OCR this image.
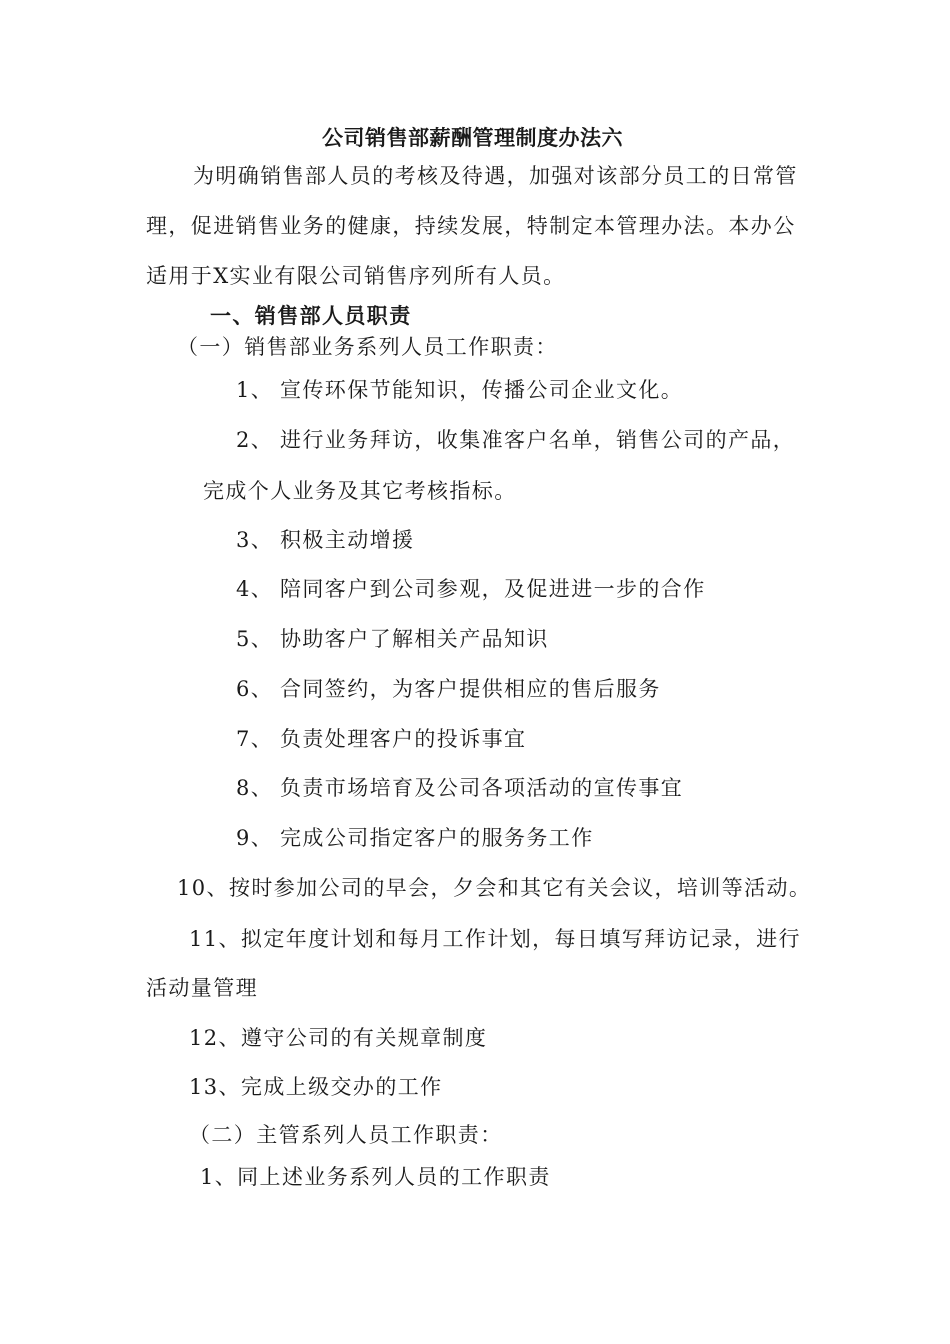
公司销售部薪酬管理制度办法六
为明确销售部人员的考核及待遇，加强对该部分员工的日常管
理，促进销售业务的健康，持续发展，特制定本管理办法。本办公
适用于X实业有限公司销售序列所有人员。
一、销售部人员职责
（一）销售部业务系列人员工作职责：
1、 宣传环保节能知识，传播公司企业文化。
2、 进行业务拜访，收集准客户名单，销售公司的产品，
完成个人业务及其它考核指标。
3、 积极主动增援
4、 陪同客户到公司参观，及促进进一步的合作
5、 协助客户了解相关产品知识
6、 合同签约，为客户提供相应的售后服务
7、 负责处理客户的投诉事宜
8、 负责市场培育及公司各项活动的宣传事宜
9、 完成公司指定客户的服务务工作
10、按时参加公司的早会，夕会和其它有关会议，培训等活动。
11、拟定年度计划和每月工作计划，每日填写拜访记录，进行
活动量管理
12、遵守公司的有关规章制度
13、完成上级交办的工作
（二）主管系列人员工作职责：
1、同上述业务系列人员的工作职责
